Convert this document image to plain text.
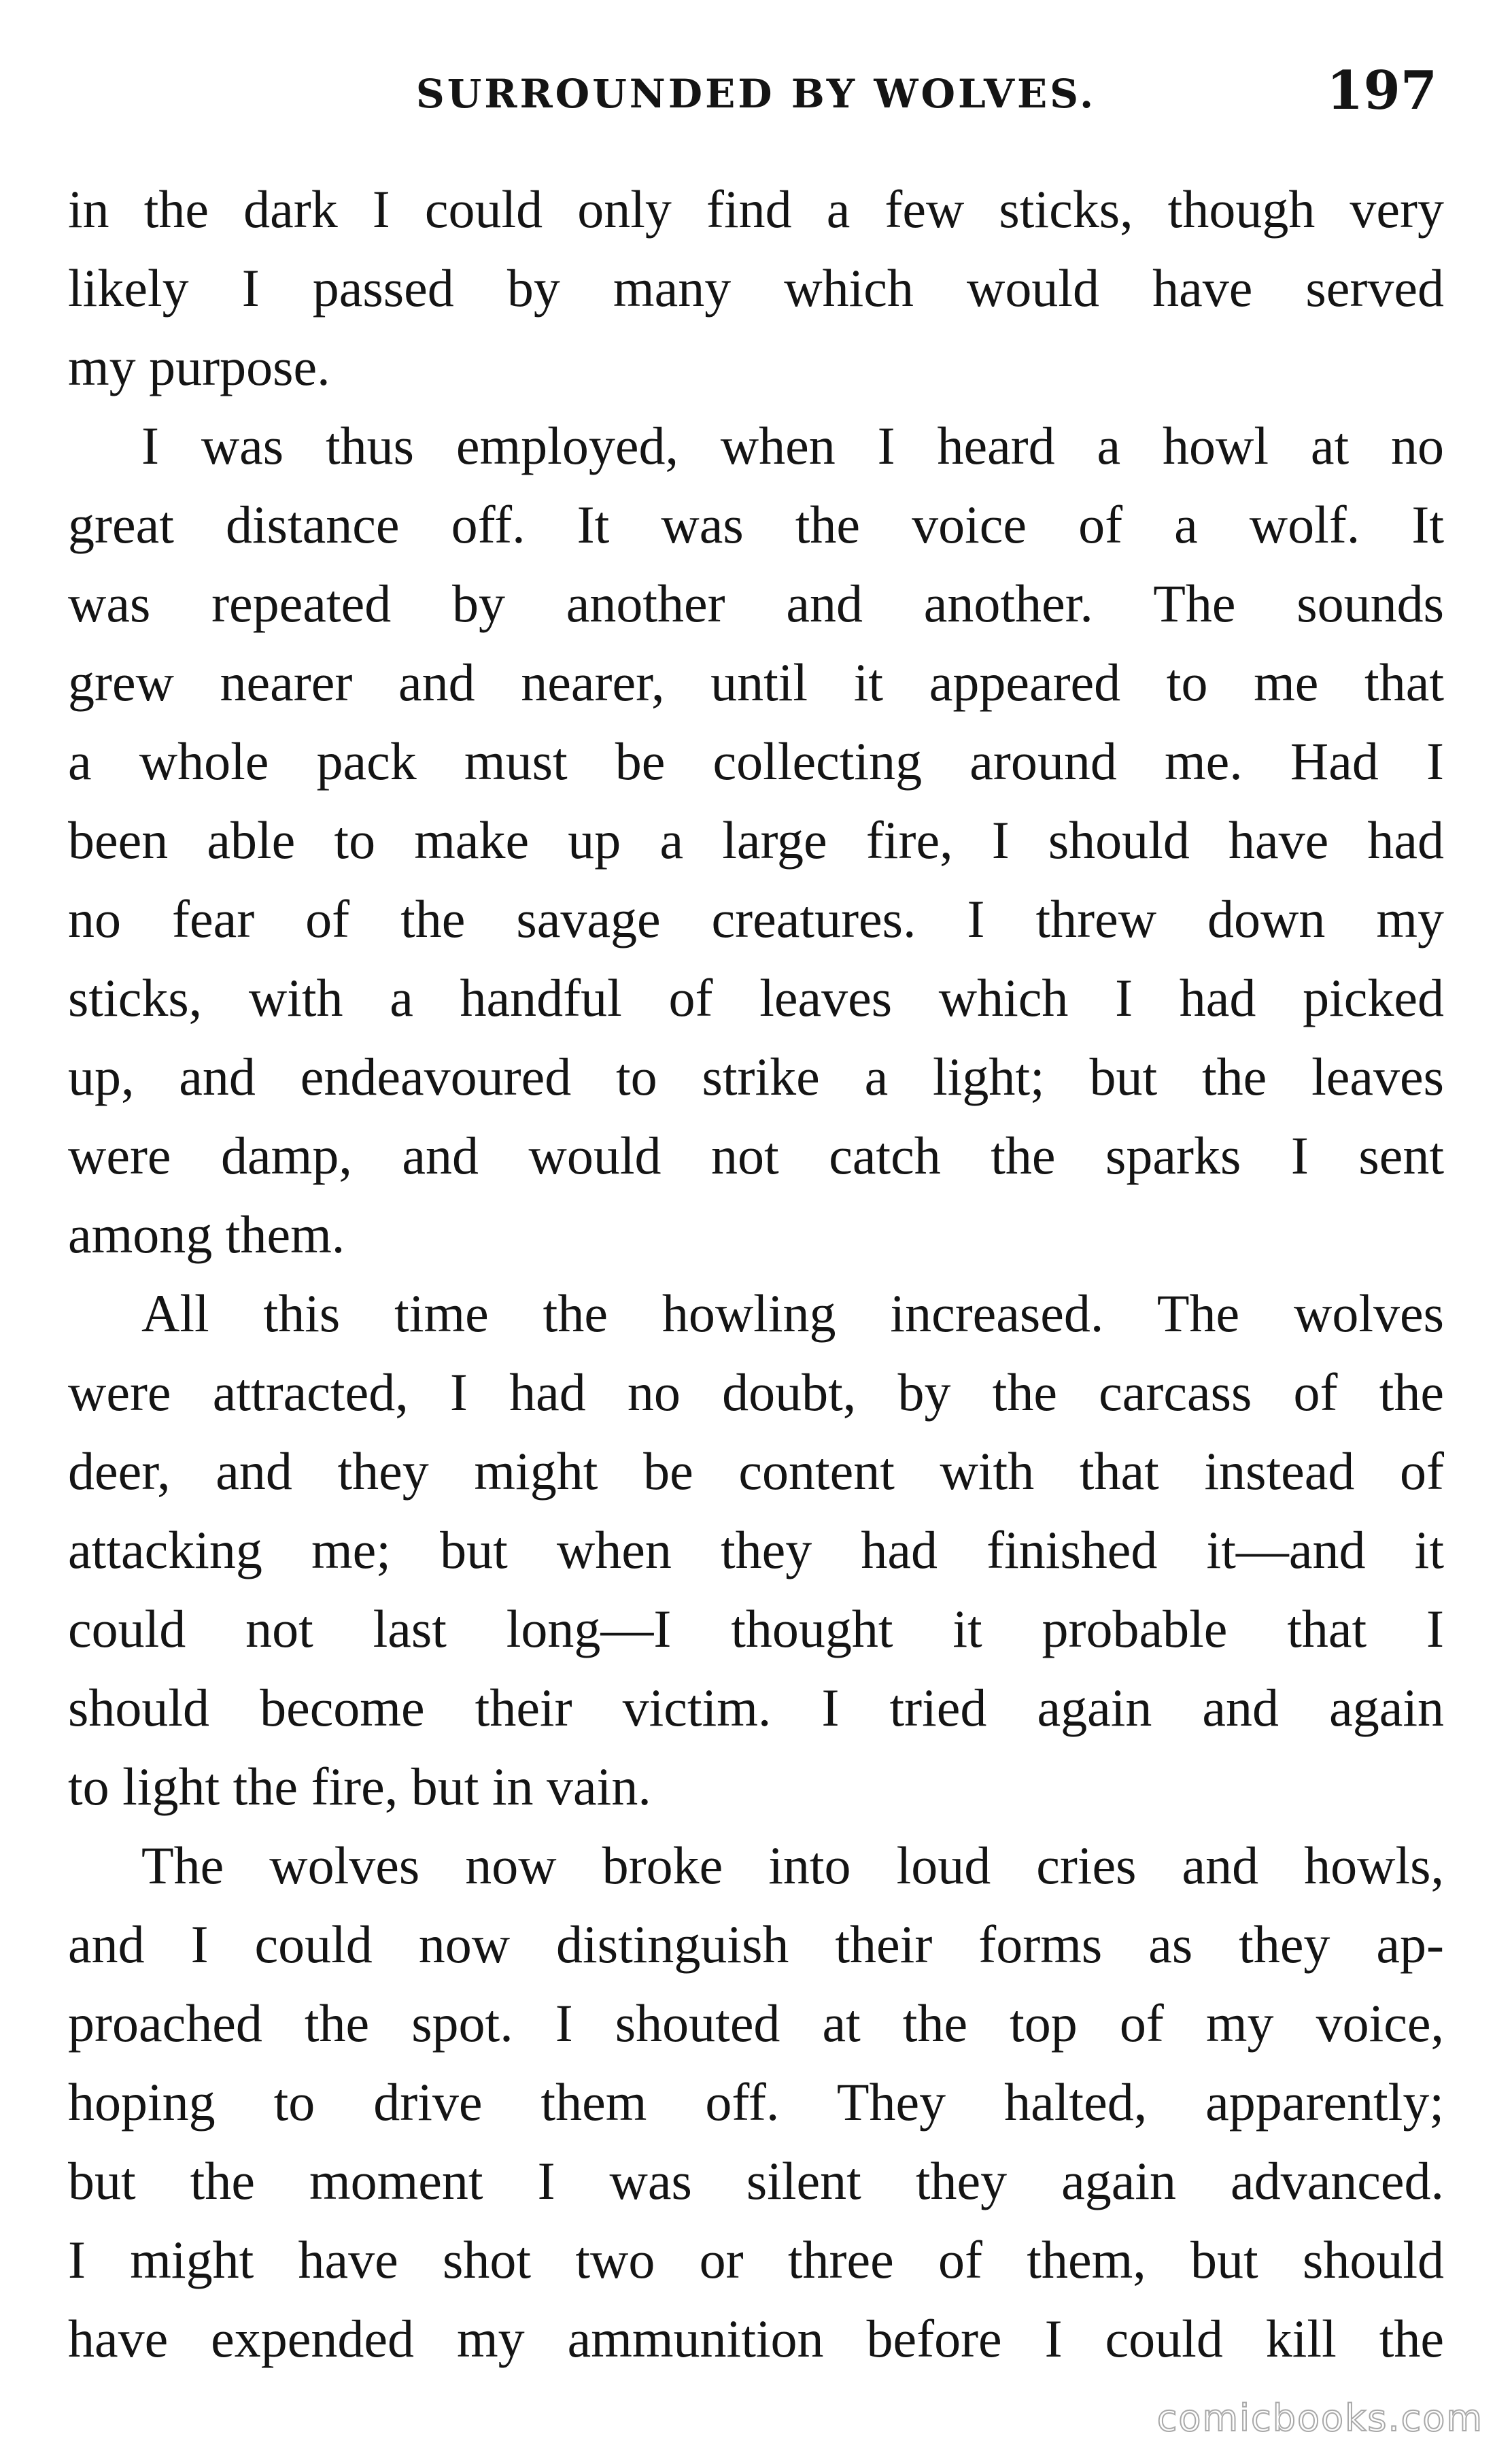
SURROUNDED BY WOLVES.	197

in the dark I could only find a few sticks, though very

likely I passed by many which would have served

my purpose.

I was thus employed, when I heard a howl at no

great distance off. It was the voice of a wolf. It

was repeated by another and another. The sounds

grew nearer and nearer, until it appeared to me that

a whole pack must be collecting around me. Had I

been able to make up a large fire, I should have had

no fear of the savage creatures. I threw down my

sticks, with a handful of leaves which I had picked

up, and endeavoured to strike a light; but the leaves

were damp, and would not catch the sparks I sent

among them.

All this time the howling increased. The wolves

were attracted, I had no doubt, by the carcass of the

deer, and they might be content with that instead of

attacking me; but when they had finished it—and it

could not last long—I thought it probable that I

should become their victim. I tried again and again

to light the fire, but in vain.

The wolves now broke into loud cries and howls,

and I could now distinguish their forms as they ap-

proached the spot. I shouted at the top of my voice,

hoping to drive them off. They halted, apparently;

but the moment I was silent they again advanced.

I might have shot two or three of them, but should

have expended my ammunition before I could kill the

comicbooks.com
